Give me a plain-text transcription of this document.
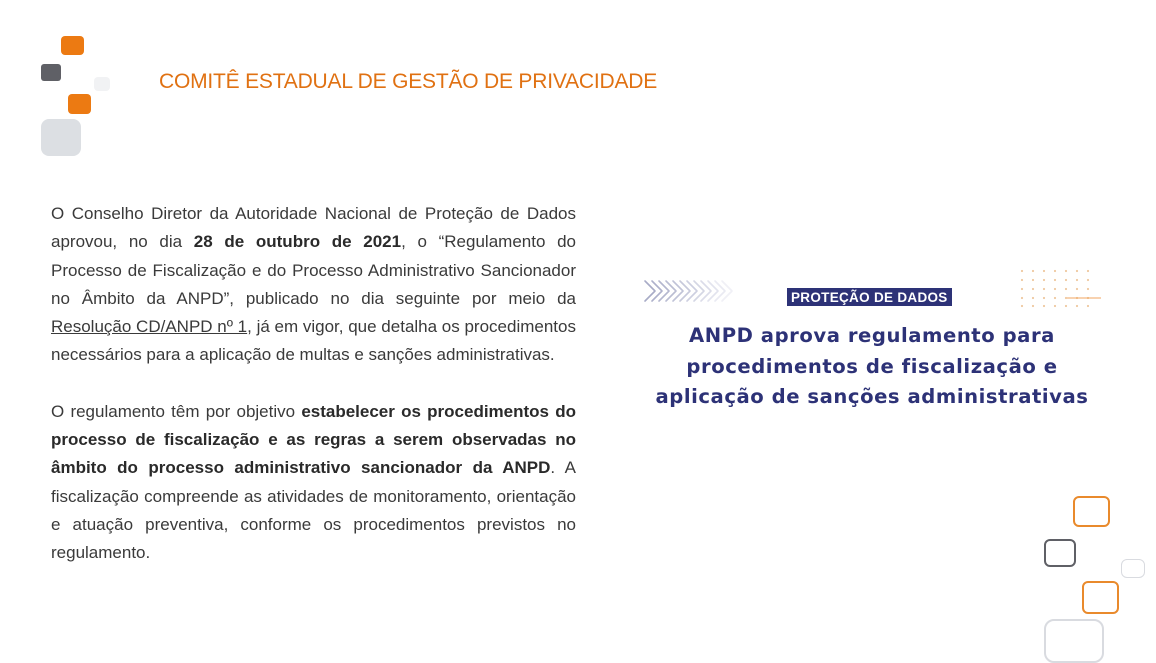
COMITÊ ESTADUAL DE GESTÃO DE PRIVACIDADE

O Conselho Diretor da Autoridade Nacional de Proteção de Dados aprovou, no dia 28 de outubro de 2021, o “Regulamento do Processo de Fiscalização e do Processo Administrativo Sancionador no Âmbito da ANPD”, publicado no dia seguinte por meio da Resolução CD/ANPD nº 1, já em vigor, que detalha os procedimentos necessários para a aplicação de multas e sanções administrativas.

O regulamento têm por objetivo estabelecer os procedimentos do processo de fiscalização e as regras a serem observadas no âmbito do processo administrativo sancionador da ANPD. A fiscalização compreende as atividades de monitoramento, orientação e atuação preventiva, conforme os procedimentos previstos no regulamento.

PROTEÇÃO DE DADOS
ANPD aprova regulamento para
procedimentos de fiscalização e
aplicação de sanções administrativas
